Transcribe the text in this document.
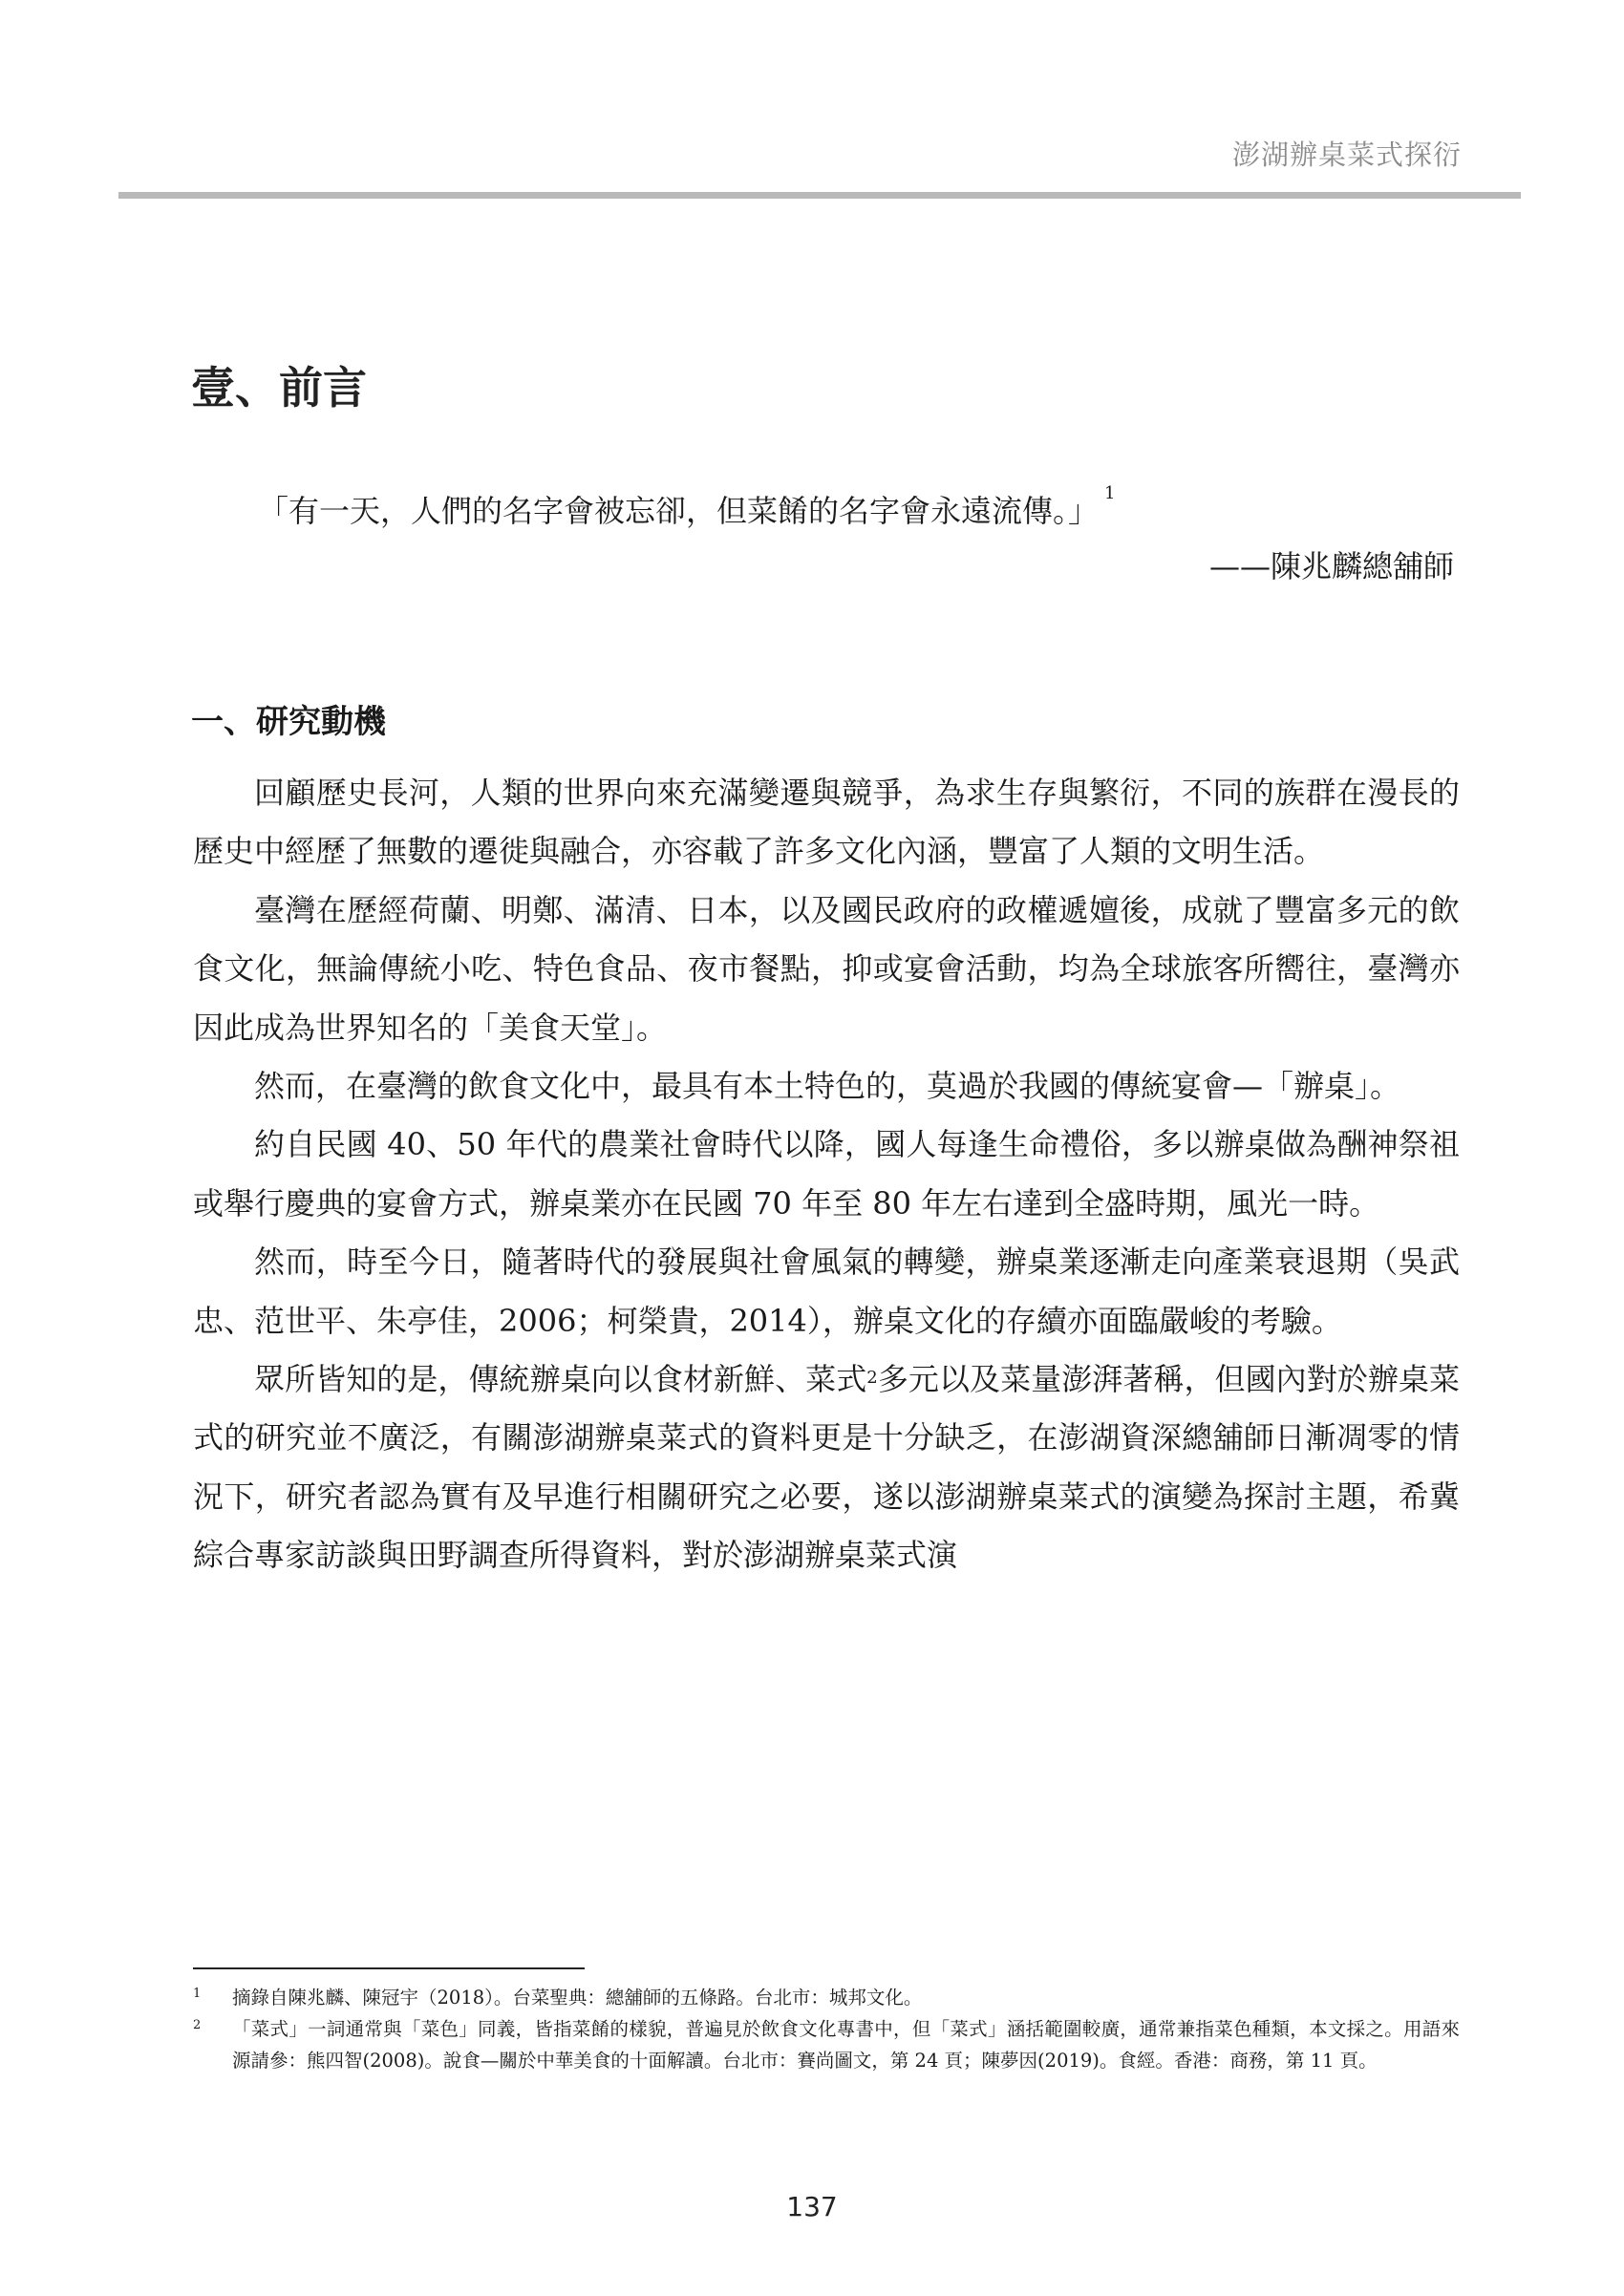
澎湖辦桌菜式探衍
壹、前言
「有一天，人們的名字會被忘卻，但菜餚的名字會永遠流傳。」 $^1$
——陳兆麟總舖師
一、研究動機

回顧歷史長河，人類的世界向來充滿變遷與競爭，為求生存與繁衍，不同的族群在漫長的歷史中經歷了無數的遷徙與融合，亦容載了許多文化內涵，豐富了人類的文明生活。

臺灣在歷經荷蘭、明鄭、滿清、日本，以及國民政府的政權遞嬗後，成就了豐富多元的飲食文化，無論傳統小吃、特色食品、夜市餐點，抑或宴會活動，均為全球旅客所嚮往，臺灣亦因此成為世界知名的「美食天堂」。

然而，在臺灣的飲食文化中，最具有本土特色的，莫過於我國的傳統宴會—「辦桌」。

約自民國 40、50 年代的農業社會時代以降，國人每逢生命禮俗，多以辦桌做為酬神祭祖或舉行慶典的宴會方式，辦桌業亦在民國 70 年至 80 年左右達到全盛時期，風光一時。

然而，時至今日，隨著時代的發展與社會風氣的轉變，辦桌業逐漸走向產業衰退期（吳武忠、范世平、朱亭佳，2006；柯榮貴，2014），辦桌文化的存續亦面臨嚴峻的考驗。

眾所皆知的是，傳統辦桌向以食材新鮮、菜式$^2$多元以及菜量澎湃著稱，但國內對於辦桌菜式的研究並不廣泛，有關澎湖辦桌菜式的資料更是十分缺乏，在澎湖資深總舖師日漸凋零的情況下，研究者認為實有及早進行相關研究之必要，遂以澎湖辦桌菜式的演變為探討主題，希冀綜合專家訪談與田野調查所得資料，對於澎湖辦桌菜式演

1 摘錄自陳兆麟、陳冠宇（2018）。台菜聖典：總舖師的五條路。台北市：城邦文化。
2 「菜式」一詞通常與「菜色」同義，皆指菜餚的樣貌，普遍見於飲食文化專書中，但「菜式」涵括範圍較廣，通常兼指菜色種類，本文採之。用語來源請參：熊四智(2008)。說食—關於中華美食的十面解讀。台北市：賽尚圖文，第 24 頁；陳夢因(2019)。食經。香港：商務，第 11 頁。
137
